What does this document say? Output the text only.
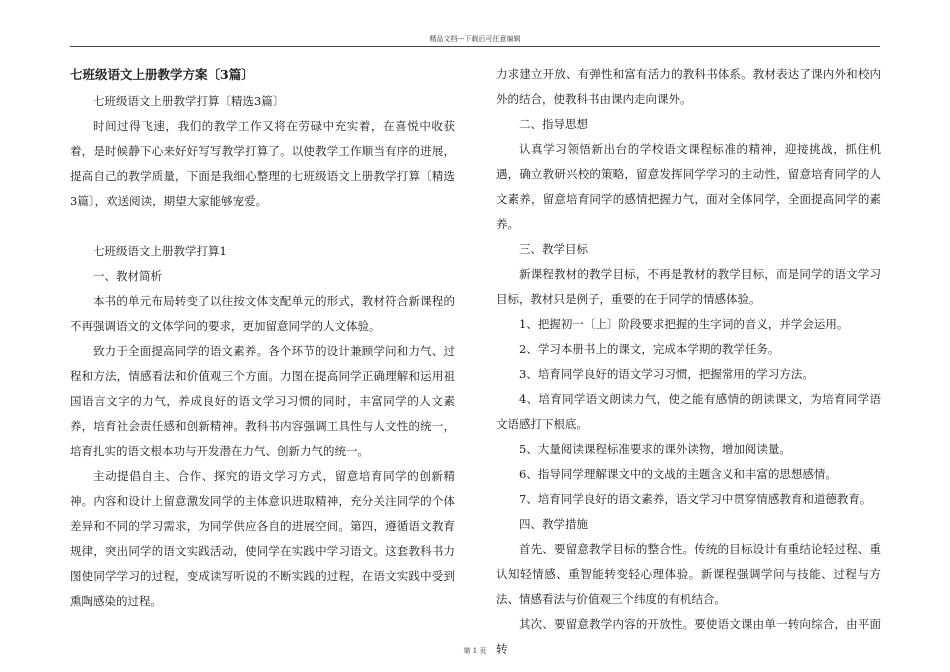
精品文档---下载后可任意编辑

七班级语文上册教学方案〔3篇〕

七班级语文上册教学打算〔精选3篇〕

时间过得飞速，我们的教学工作又将在劳碌中充实着，在喜悦中收获着，是时候静下心来好好写写教学打算了。以使教学工作顺当有序的进展，提高自己的教学质量，下面是我细心整理的七班级语文上册教学打算〔精选3篇〕，欢送阅读，期望大家能够宠爱。

七班级语文上册教学打算1

一、教材简析

本书的单元布局转变了以往按文体支配单元的形式，教材符合新课程的不再强调语文的文体学问的要求，更加留意同学的人文体验。

致力于全面提高同学的语文素养。各个环节的设计兼顾学问和力气、过程和方法，情感看法和价值观三个方面。力图在提高同学正确理解和运用祖国语言文字的力气，养成良好的语文学习习惯的同时，丰富同学的人文素养，培育社会责任感和创新精神。教科书内容强调工具性与人文性的统一，培育扎实的语文根本功与开发潜在力气、创新力气的统一。

主动提倡自主、合作、探究的语文学习方式，留意培育同学的创新精神。内容和设计上留意激发同学的主体意识进取精神，充分关注同学的个体差异和不同的学习需求，为同学供应各自的进展空间。第四，遵循语文教育规律，突出同学的语文实践活动，使同学在实践中学习语文。这套教科书力图使同学学习的过程，变成读写听说的不断实践的过程，在语文实践中受到熏陶感染的过程。

力求建立开放、有弹性和富有活力的教科书体系。教材表达了课内外和校内外的结合，使教科书由课内走向课外。

二、指导思想

认真学习领悟新出台的学校语文课程标准的精神，迎接挑战，抓住机遇，确立教研兴校的策略，留意发挥同学学习的主动性，留意培育同学的人文素养，留意培育同学的感情把握力气，面对全体同学，全面提高同学的素养。

三、教学目标

新课程教材的教学目标，不再是教材的教学目标，而是同学的语文学习目标，教材只是例子，重要的在于同学的情感体验。

1、把握初一〔上〕阶段要求把握的生字词的音义，并学会运用。

2、学习本册书上的课文，完成本学期的教学任务。

3、培育同学良好的语文学习习惯，把握常用的学习方法。

4、培育同学语文朗读力气，使之能有感情的朗读课文，为培育同学语文语感打下根底。

5、大量阅读课程标准要求的课外读物，增加阅读量。

6、指导同学理解课文中的文战的主题含义和丰富的思想感情。

7、培育同学良好的语文素养，语文学习中贯穿情感教育和道德教育。

四、教学措施

首先、要留意教学目标的整合性。传统的目标设计有重结论轻过程、重认知轻情感、重智能转变轻心理体验。新课程强调学问与技能、过程与方法、情感看法与价值观三个纬度的有机结合。

其次、要留意教学内容的开放性。要使语文课由单一转向综合，由平面转

第 1 页
